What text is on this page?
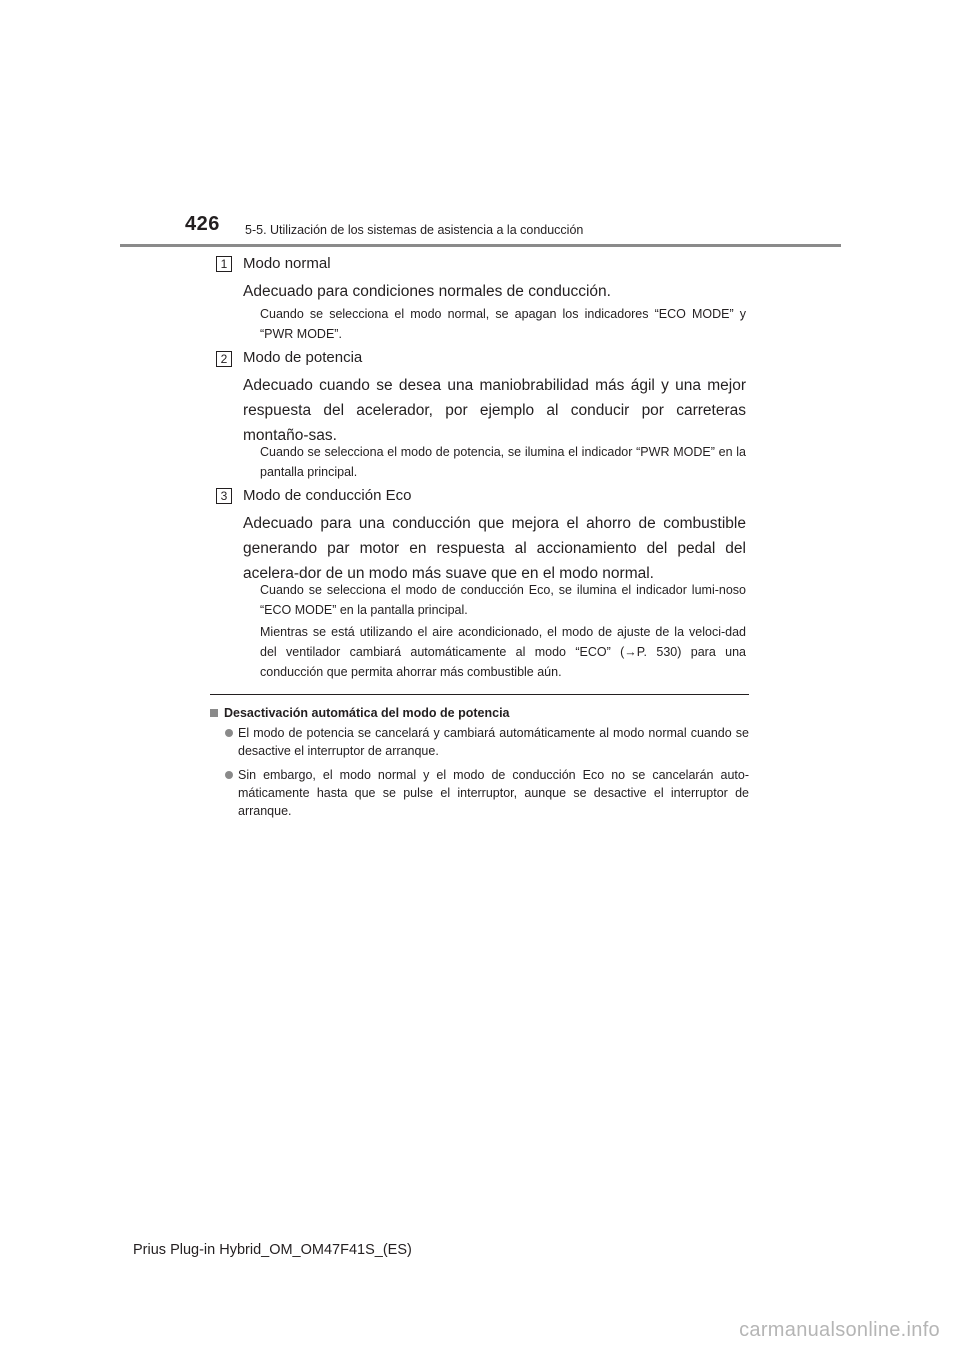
426 5-5. Utilización de los sistemas de asistencia a la conducción
1	Modo normal
Adecuado para condiciones normales de conducción.
Cuando se selecciona el modo normal, se apagan los indicadores “ECO MODE” y “PWR MODE”.
2	Modo de potencia
Adecuado cuando se desea una maniobrabilidad más ágil y una mejor respuesta del acelerador, por ejemplo al conducir por carreteras montaño-sas.
Cuando se selecciona el modo de potencia, se ilumina el indicador “PWR MODE” en la pantalla principal.
3	Modo de conducción Eco
Adecuado para una conducción que mejora el ahorro de combustible generando par motor en respuesta al accionamiento del pedal del acelera-dor de un modo más suave que en el modo normal.
Cuando se selecciona el modo de conducción Eco, se ilumina el indicador lumi-noso “ECO MODE” en la pantalla principal.
Mientras se está utilizando el aire acondicionado, el modo de ajuste de la veloci-dad del ventilador cambiará automáticamente al modo “ECO” (→P. 530) para una conducción que permita ahorrar más combustible aún.
Desactivación automática del modo de potencia
El modo de potencia se cancelará y cambiará automáticamente al modo normal cuando se desactive el interruptor de arranque.
Sin embargo, el modo normal y el modo de conducción Eco no se cancelarán auto-máticamente hasta que se pulse el interruptor, aunque se desactive el interruptor de arranque.
Prius Plug-in Hybrid_OM_OM47F41S_(ES)
carmanualsonline.info
